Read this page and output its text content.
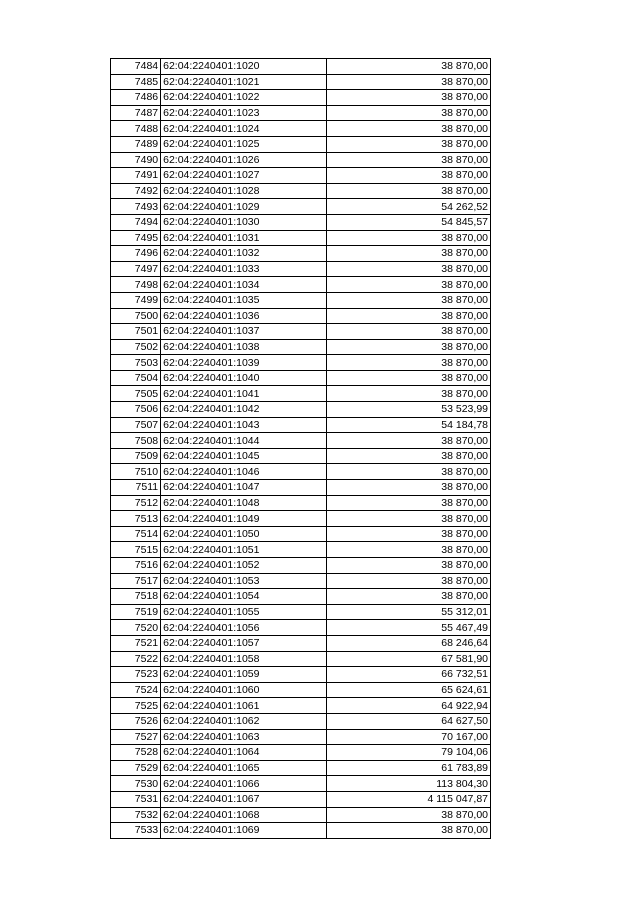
7484	62:04:2240401:1020	38 870,00
7485	62:04:2240401:1021	38 870,00
7486	62:04:2240401:1022	38 870,00
7487	62:04:2240401:1023	38 870,00
7488	62:04:2240401:1024	38 870,00
7489	62:04:2240401:1025	38 870,00
7490	62:04:2240401:1026	38 870,00
7491	62:04:2240401:1027	38 870,00
7492	62:04:2240401:1028	38 870,00
7493	62:04:2240401:1029	54 262,52
7494	62:04:2240401:1030	54 845,57
7495	62:04:2240401:1031	38 870,00
7496	62:04:2240401:1032	38 870,00
7497	62:04:2240401:1033	38 870,00
7498	62:04:2240401:1034	38 870,00
7499	62:04:2240401:1035	38 870,00
7500	62:04:2240401:1036	38 870,00
7501	62:04:2240401:1037	38 870,00
7502	62:04:2240401:1038	38 870,00
7503	62:04:2240401:1039	38 870,00
7504	62:04:2240401:1040	38 870,00
7505	62:04:2240401:1041	38 870,00
7506	62:04:2240401:1042	53 523,99
7507	62:04:2240401:1043	54 184,78
7508	62:04:2240401:1044	38 870,00
7509	62:04:2240401:1045	38 870,00
7510	62:04:2240401:1046	38 870,00
7511	62:04:2240401:1047	38 870,00
7512	62:04:2240401:1048	38 870,00
7513	62:04:2240401:1049	38 870,00
7514	62:04:2240401:1050	38 870,00
7515	62:04:2240401:1051	38 870,00
7516	62:04:2240401:1052	38 870,00
7517	62:04:2240401:1053	38 870,00
7518	62:04:2240401:1054	38 870,00
7519	62:04:2240401:1055	55 312,01
7520	62:04:2240401:1056	55 467,49
7521	62:04:2240401:1057	68 246,64
7522	62:04:2240401:1058	67 581,90
7523	62:04:2240401:1059	66 732,51
7524	62:04:2240401:1060	65 624,61
7525	62:04:2240401:1061	64 922,94
7526	62:04:2240401:1062	64 627,50
7527	62:04:2240401:1063	70 167,00
7528	62:04:2240401:1064	79 104,06
7529	62:04:2240401:1065	61 783,89
7530	62:04:2240401:1066	113 804,30
7531	62:04:2240401:1067	4 115 047,87
7532	62:04:2240401:1068	38 870,00
7533	62:04:2240401:1069	38 870,00
